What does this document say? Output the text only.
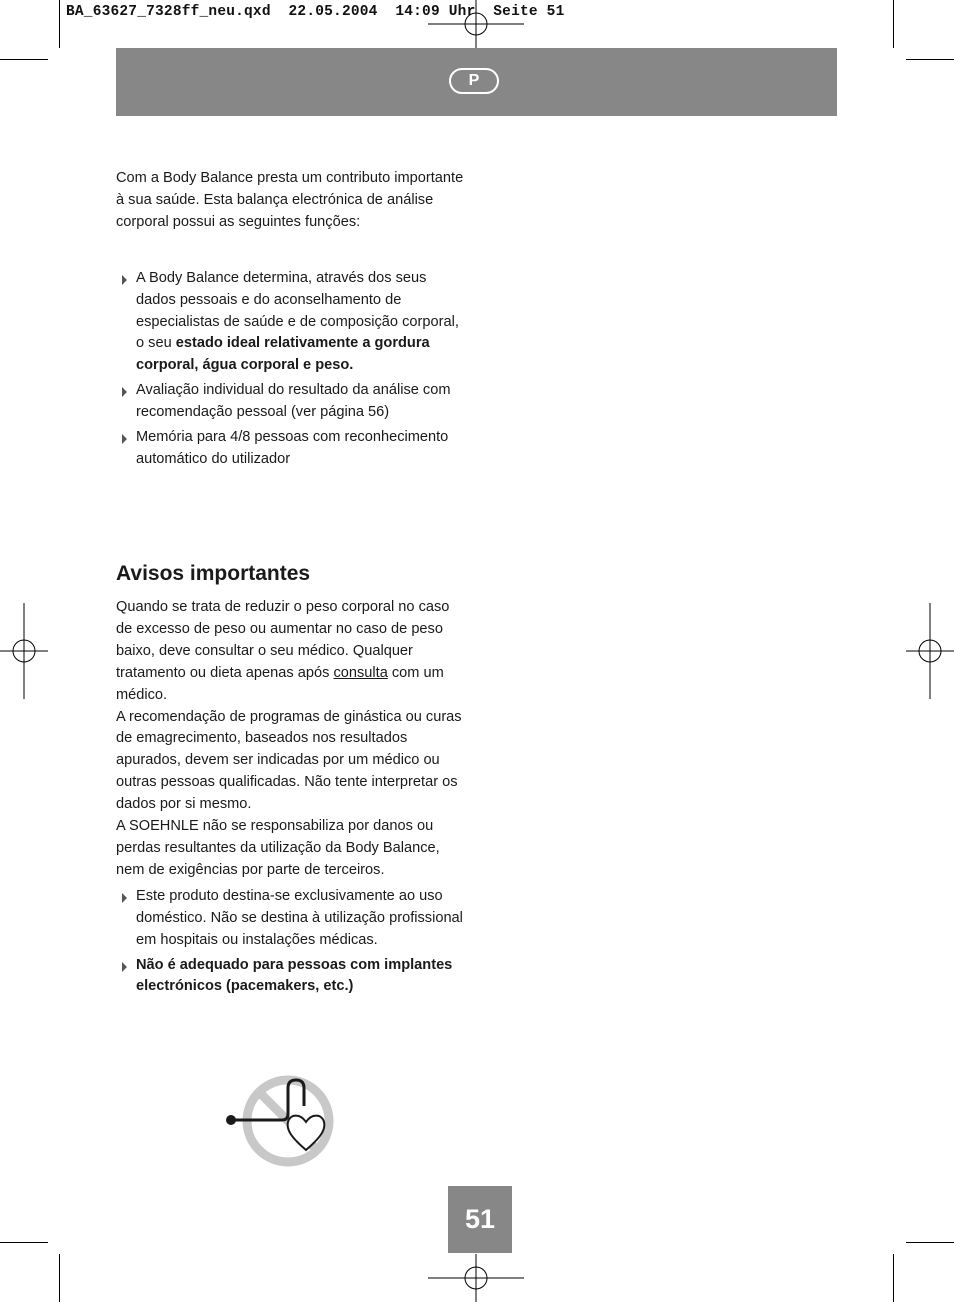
BA_63627_7328ff_neu.qxd  22.05.2004  14:09 Uhr  Seite 51
P

Com a Body Balance presta um contributo importante à sua saúde. Esta balança electrónica de análise corporal possui as seguintes funções:

A Body Balance determina, através dos seus dados pessoais e do aconselhamento de especialistas de saúde e de composição corporal, o seu estado ideal relativamente a gordura corporal, água corporal e peso.
Avaliação individual do resultado da análise com recomendação pessoal (ver página 56)
Memória para 4/8 pessoas com reconhecimento automático do utilizador
Avisos importantes

Quando se trata de reduzir o peso corporal no caso de excesso de peso ou aumentar no caso de peso baixo, deve consultar o seu médico. Qualquer tratamento ou dieta apenas após consulta com um médico.

A recomendação de programas de ginástica ou curas de emagrecimento, baseados nos resultados apurados, devem ser indicadas por um médico ou outras pessoas qualificadas. Não tente interpretar os dados por si mesmo.

A SOEHNLE não se responsabiliza por danos ou perdas resultantes da utilização da Body Balance, nem de exigências por parte de terceiros.

Este produto destina-se exclusivamente ao uso doméstico. Não se destina à utilização profissional em hospitais ou instalações médicas.
Não é adequado para pessoas com implantes electrónicos (pacemakers, etc.)
51
